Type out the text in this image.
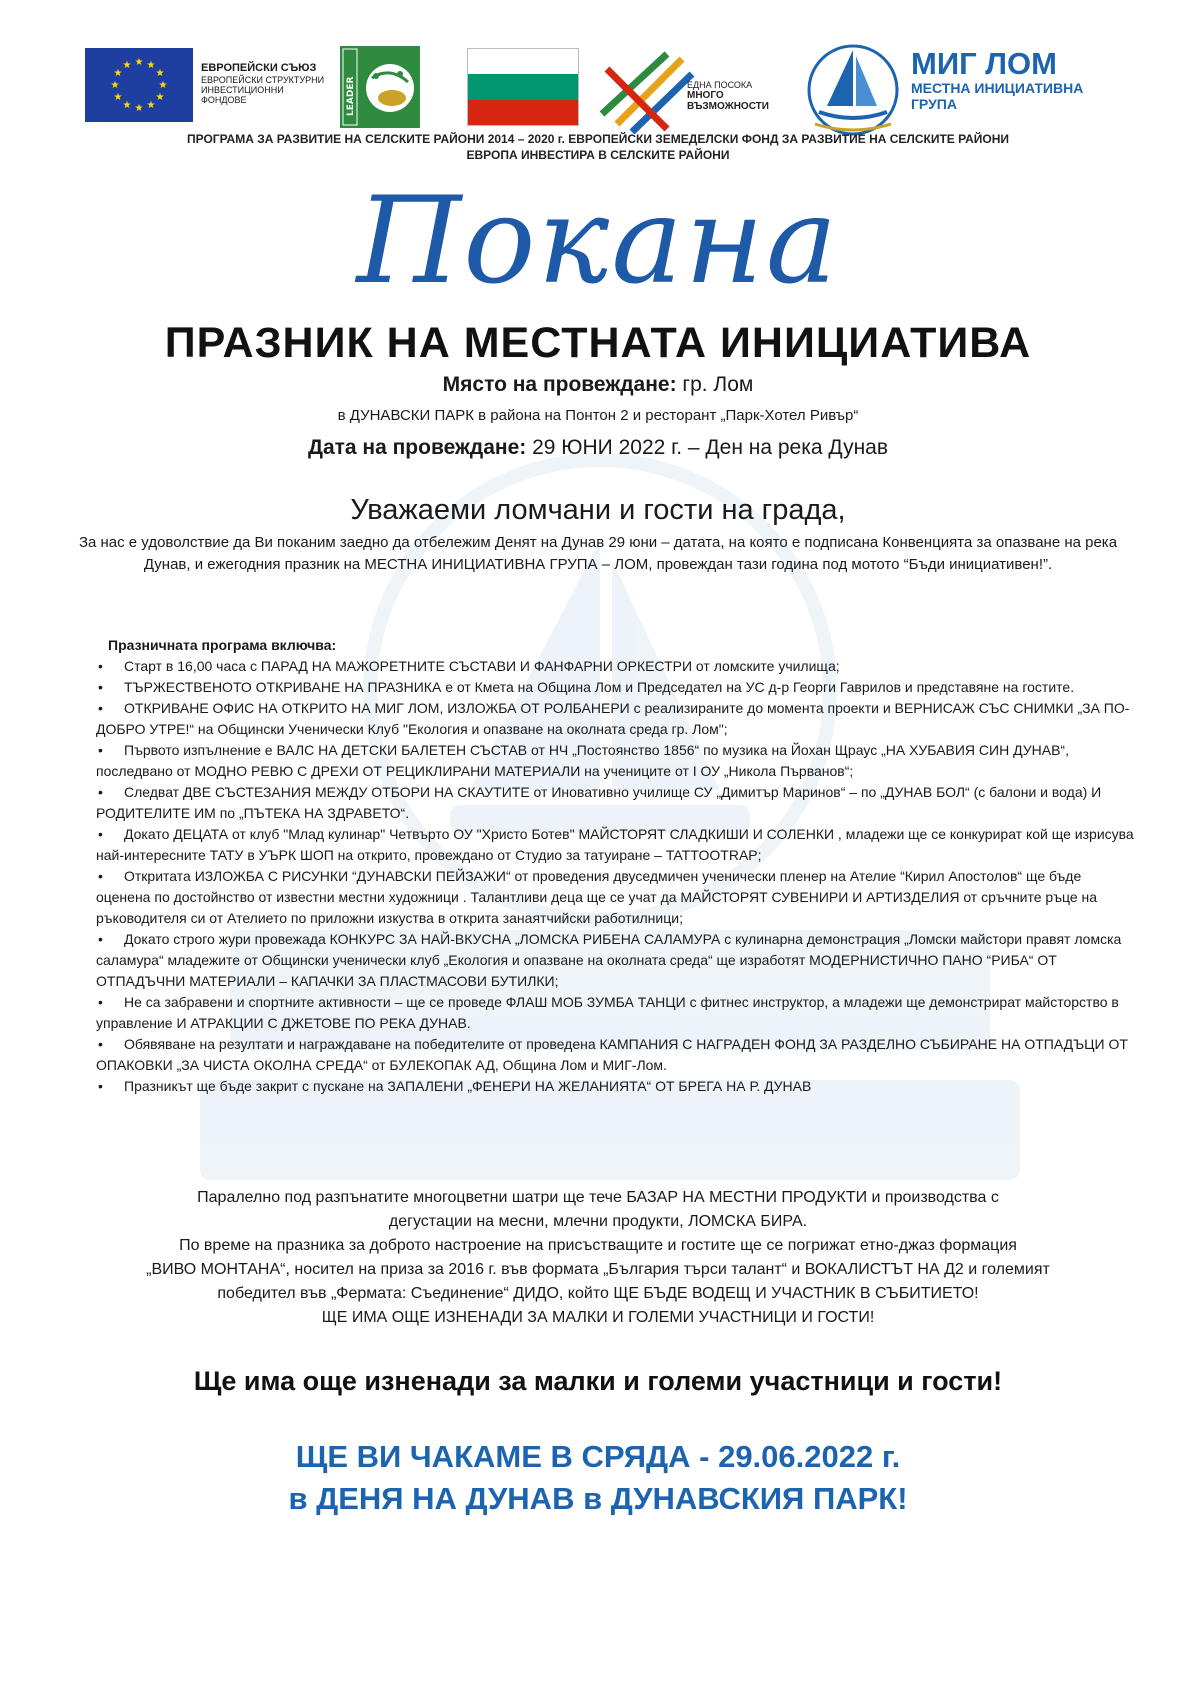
★ ★
★
★
★
★
★
★
★
★
★
★	ЕВРОПЕЙСКИ СЪЮЗ
ЕВРОПЕЙСКИ СТРУКТУРНИ
ИНВЕСТИЦИОННИ
ФОНДОВЕ	LEADER	ЕДНА ПОСОКА
МНОГО
ВЪЗМОЖНОСТИ
МИГ ЛОМ
МЕСТНА ИНИЦИАТИВНА
ГРУПА
ПРОГРАМА ЗА РАЗВИТИЕ НА СЕЛСКИТЕ РАЙОНИ 2014 – 2020 г. ЕВРОПЕЙСКИ ЗЕМЕДЕЛСКИ ФОНД ЗА РАЗВИТИЕ НА СЕЛСКИТЕ РАЙОНИ
ЕВРОПА ИНВЕСТИРА В СЕЛСКИТЕ РАЙОНИ
Покана
ПРАЗНИК НА МЕСТНАТА ИНИЦИАТИВА
Място на провеждане: гр. Лом
в ДУНАВСКИ ПАРК в района на Понтон 2 и ресторант „Парк-Хотел Ривър“
Дата на провеждане: 29 ЮНИ 2022 г. – Ден на река Дунав
Уважаеми ломчани и гости на града,
За нас е удоволствие да Ви поканим заедно да отбележим Денят на Дунав 29 юни – датата, на която е подписана Конвенцията за опазване на река Дунав, и ежегодния празник на МЕСТНА ИНИЦИАТИВНА ГРУПА – ЛОМ, провеждан тази година под мотото “Бъди инициативен!”.
Празничната програма включва:
• Старт в 16,00 часа с ПАРАД НА МАЖОРЕТНИТЕ СЪСТАВИ И ФАНФАРНИ ОРКЕСТРИ от ломските училища;
• ТЪРЖЕСТВЕНОТО ОТКРИВАНЕ НА ПРАЗНИКА е от Кмета на Община Лом и Председател на УС д-р Георги Гаврилов и представяне на гостите.
• ОТКРИВАНЕ ОФИС НА ОТКРИТО НА МИГ ЛОМ, ИЗЛОЖБА ОТ РОЛБАНЕРИ с реализираните до момента проекти и ВЕРНИСАЖ СЪС СНИМКИ „ЗА ПО-ДОБРО УТРЕ!“ на Общински Ученически Клуб "Екология и опазване на околната среда гр. Лом";
• Първото изпълнение е ВАЛС НА ДЕТСКИ БАЛЕТЕН СЪСТАВ от НЧ „Постоянство 1856“ по музика на Йохан Щраус „НА ХУБАВИЯ СИН ДУНАВ“, последвано от МОДНО РЕВЮ С ДРЕХИ ОТ РЕЦИКЛИРАНИ МАТЕРИАЛИ на учениците от I ОУ „Никола Първанов“;
• Следват ДВЕ СЪСТЕЗАНИЯ МЕЖДУ ОТБОРИ НА СКАУТИТЕ от Иновативно училище СУ „Димитър Маринов“ – по „ДУНАВ БОЛ“ (с балони и вода) И РОДИТЕЛИТЕ ИМ по „ПЪТЕКА НА ЗДРАВЕТО“.
• Докато ДЕЦАТА от клуб "Млад кулинар" Четвърто ОУ "Христо Ботев" МАЙСТОРЯТ СЛАДКИШИ И СОЛЕНКИ , младежи ще се конкурират кой ще изрисува най-интересните ТАТУ в УЪРК ШОП на открито, провеждано от Студио за татуиране – TATTOOTRAP;
• Откритата ИЗЛОЖБА С РИСУНКИ “ДУНАВСКИ ПЕЙЗАЖИ“ от проведения двуседмичен ученически пленер на Ателие “Кирил Апостолов“ ще бъде оценена по достойнство от известни местни художници . Талантливи деца ще се учат да МАЙСТОРЯТ СУВЕНИРИ И АРТИЗДЕЛИЯ от сръчните ръце на ръководителя си от Ателието по приложни изкуства в открита занаятчийски работилници;
• Докато строго жури провежада КОНКУРС ЗА НАЙ-ВКУСНА „ЛОМСКА РИБЕНА САЛАМУРА с кулинарна демонстрация „Ломски майстори правят ломска саламура“ младежите от Общински ученически клуб „Екология и опазване на околната среда“ ще изработят МОДЕРНИСТИЧНО ПАНО “РИБА“ ОТ ОТПАДЪЧНИ МАТЕРИАЛИ – КАПАЧКИ ЗА ПЛАСТМАСОВИ БУТИЛКИ;
• Не са забравени и спортните активности – ще се проведе ФЛАШ МОБ ЗУМБА ТАНЦИ с фитнес инструктор, а младежи ще демонстрират майсторство в управление И АТРАКЦИИ С ДЖЕТОВЕ ПО РЕКА ДУНАВ.
• Обявяване на резултати и награждаване на победителите от проведена КАМПАНИЯ С НАГРАДЕН ФОНД ЗА РАЗДЕЛНО СЪБИРАНЕ НА ОТПАДЪЦИ ОТ ОПАКОВКИ „ЗА ЧИСТА ОКОЛНА СРЕДА“ от БУЛЕКОПАК АД, Община Лом и МИГ-Лом.
• Празникът ще бъде закрит с пускане на ЗАПАЛЕНИ „ФЕНЕРИ НА ЖЕЛАНИЯТА“ ОТ БРЕГА НА Р. ДУНАВ
Паралелно под разпънатите многоцветни шатри ще тече БАЗАР НА МЕСТНИ ПРОДУКТИ и производства с
дегустации на месни, млечни продукти, ЛОМСКА БИРА.
По време на празника за доброто настроение на присъстващите и гостите ще се погрижат етно-джаз формация
„ВИВО МОНТАНА“, носител на приза за 2016 г. във формата „България търси талант“ и ВОКАЛИСТЪТ НА Д2 и големият
победител във „Фермата: Съединение“ ДИДО, който ЩЕ БЪДЕ ВОДЕЩ И УЧАСТНИК В СЪБИТИЕТО!
ЩЕ ИМА ОЩЕ ИЗНЕНАДИ ЗА МАЛКИ И ГОЛЕМИ УЧАСТНИЦИ И ГОСТИ!
Ще има още изненади за малки и големи участници и гости!
ЩЕ ВИ ЧАКАМЕ В СРЯДА - 29.06.2022 г.
в ДЕНЯ НА ДУНАВ в ДУНАВСКИЯ ПАРК!
